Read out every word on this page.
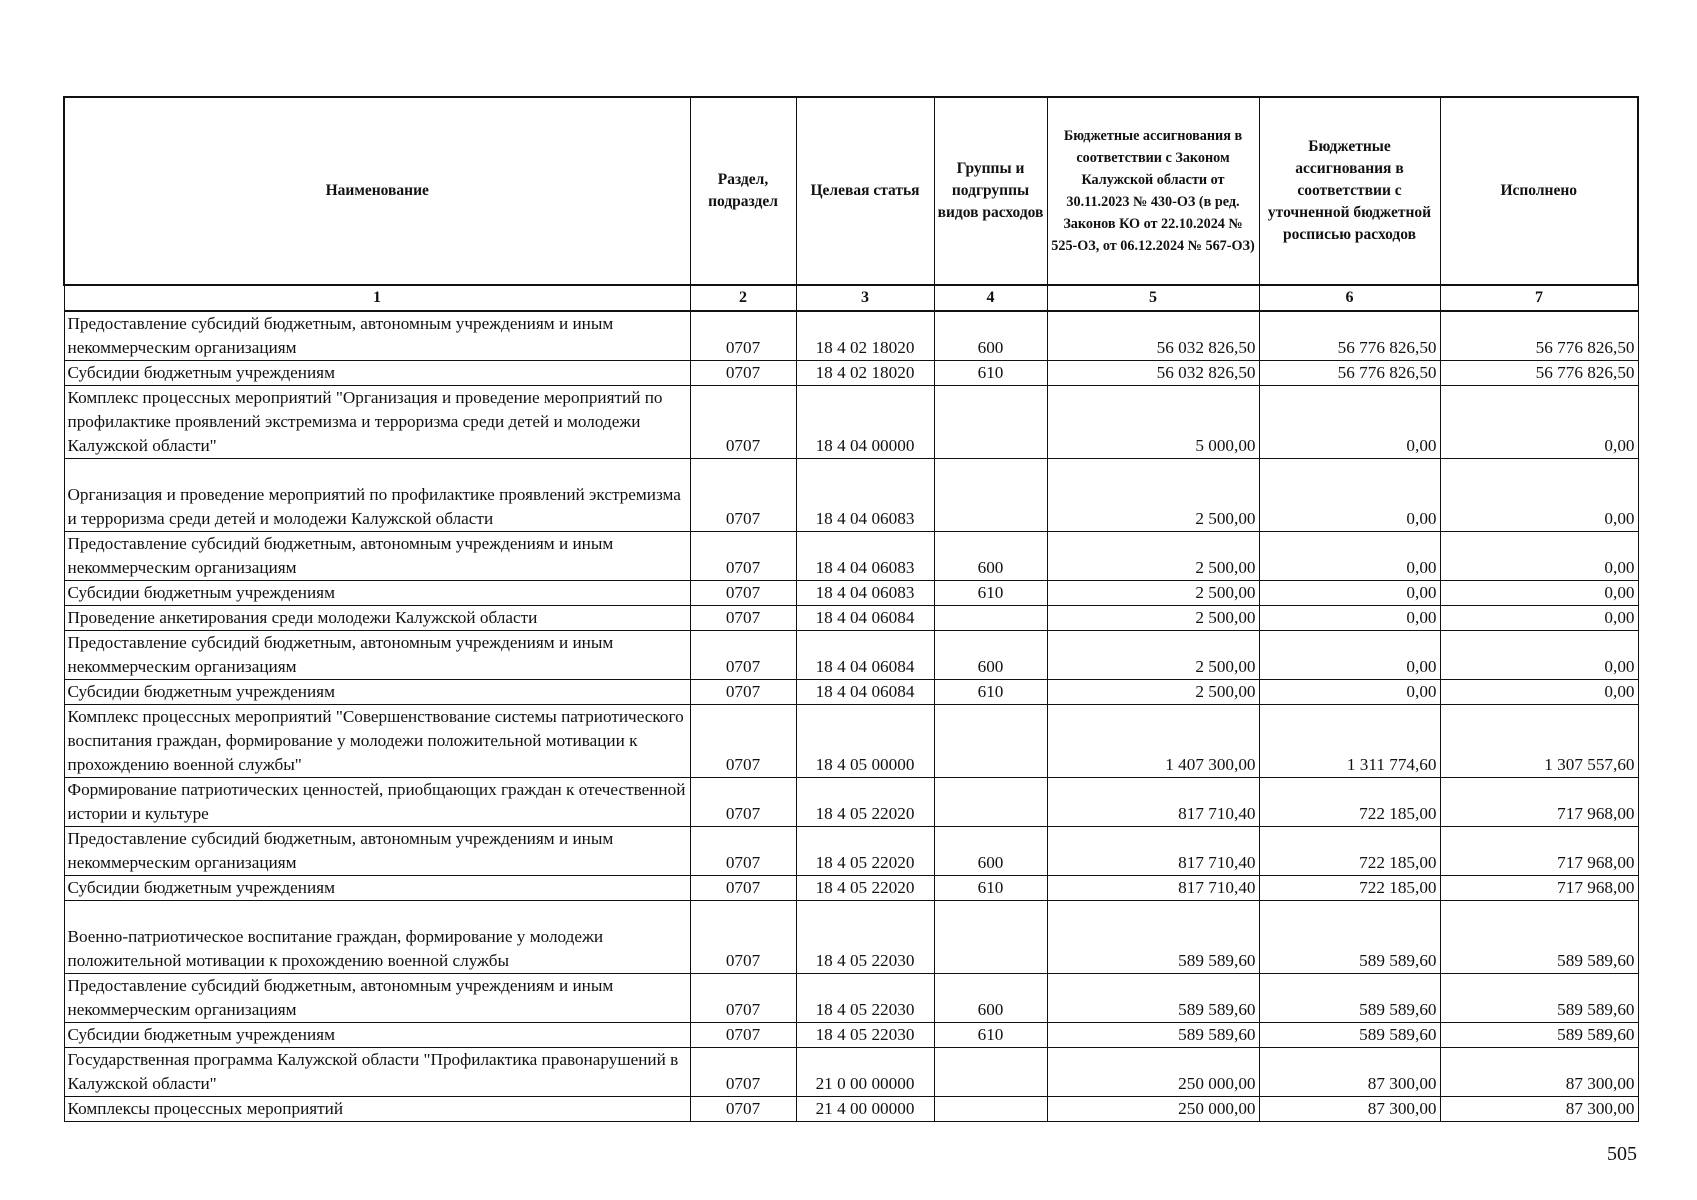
Наименование	Раздел, подраздел	Целевая статья	Группы и подгруппы видов расходов	Бюджетные ассигнования в соответствии с Законом Калужской области от 30.11.2023 № 430-ОЗ (в ред. Законов КО от 22.10.2024 № 525-ОЗ, от 06.12.2024 № 567-ОЗ)	Бюджетные ассигнования в соответствии с уточненной бюджетной росписью расходов	Исполнено
1	2	3	4	5	6	7
Предоставление субсидий бюджетным, автономным учреждениям и иным некоммерческим организациям	0707	18 4 02 18020	600	56 032 826,50	56 776 826,50	56 776 826,50
Субсидии бюджетным учреждениям	0707	18 4 02 18020	610	56 032 826,50	56 776 826,50	56 776 826,50
Комплекс процессных мероприятий "Организация и проведение мероприятий по профилактике проявлений экстремизма и терроризма среди детей и молодежи Калужской области"	0707	18 4 04 00000		5 000,00	0,00	0,00
Организация и проведение мероприятий по профилактике проявлений экстремизма и терроризма среди детей и молодежи Калужской области	0707	18 4 04 06083		2 500,00	0,00	0,00
Предоставление субсидий бюджетным, автономным учреждениям и иным некоммерческим организациям	0707	18 4 04 06083	600	2 500,00	0,00	0,00
Субсидии бюджетным учреждениям	0707	18 4 04 06083	610	2 500,00	0,00	0,00
Проведение анкетирования среди молодежи Калужской области	0707	18 4 04 06084		2 500,00	0,00	0,00
Предоставление субсидий бюджетным, автономным учреждениям и иным некоммерческим организациям	0707	18 4 04 06084	600	2 500,00	0,00	0,00
Субсидии бюджетным учреждениям	0707	18 4 04 06084	610	2 500,00	0,00	0,00
Комплекс процессных мероприятий "Совершенствование системы патриотического воспитания граждан, формирование у молодежи положительной мотивации к прохождению военной службы"	0707	18 4 05 00000		1 407 300,00	1 311 774,60	1 307 557,60
Формирование патриотических ценностей, приобщающих граждан к отечественной истории и культуре	0707	18 4 05 22020		817 710,40	722 185,00	717 968,00
Предоставление субсидий бюджетным, автономным учреждениям и иным некоммерческим организациям	0707	18 4 05 22020	600	817 710,40	722 185,00	717 968,00
Субсидии бюджетным учреждениям	0707	18 4 05 22020	610	817 710,40	722 185,00	717 968,00
Военно-патриотическое воспитание граждан, формирование у молодежи положительной мотивации к прохождению военной службы	0707	18 4 05 22030		589 589,60	589 589,60	589 589,60
Предоставление субсидий бюджетным, автономным учреждениям и иным некоммерческим организациям	0707	18 4 05 22030	600	589 589,60	589 589,60	589 589,60
Субсидии бюджетным учреждениям	0707	18 4 05 22030	610	589 589,60	589 589,60	589 589,60
Государственная программа Калужской области "Профилактика правонарушений в Калужской области"	0707	21 0 00 00000		250 000,00	87 300,00	87 300,00
Комплексы процессных мероприятий	0707	21 4 00 00000		250 000,00	87 300,00	87 300,00
505
